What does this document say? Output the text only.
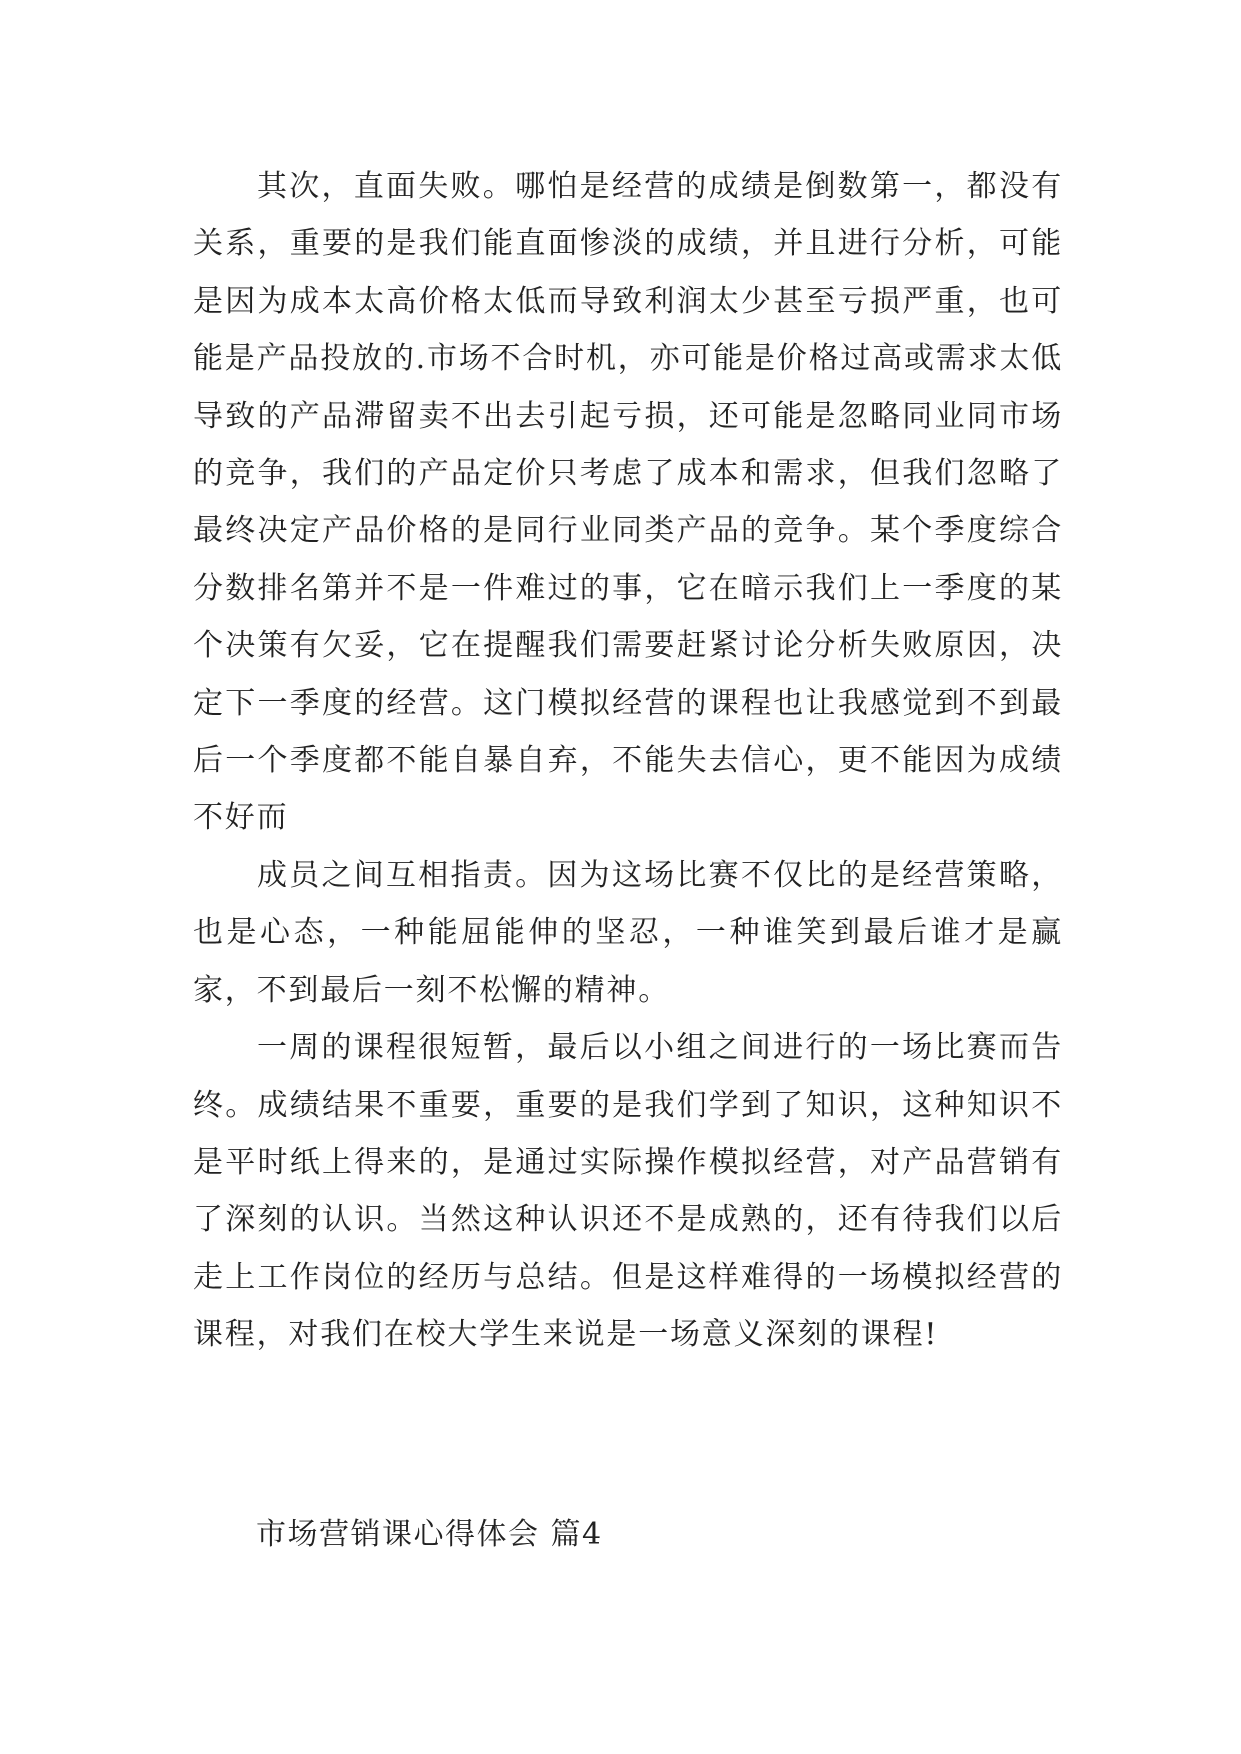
其次，直面失败。哪怕是经营的成绩是倒数第一，都没有关系，重要的是我们能直面惨淡的成绩，并且进行分析，可能是因为成本太高价格太低而导致利润太少甚至亏损严重，也可能是产品投放的.市场不合时机，亦可能是价格过高或需求太低导致的产品滞留卖不出去引起亏损，还可能是忽略同业同市场的竞争，我们的产品定价只考虑了成本和需求，但我们忽略了最终决定产品价格的是同行业同类产品的竞争。某个季度综合分数排名第并不是一件难过的事，它在暗示我们上一季度的某个决策有欠妥，它在提醒我们需要赶紧讨论分析失败原因，决定下一季度的经营。这门模拟经营的课程也让我感觉到不到最后一个季度都不能自暴自弃，不能失去信心，更不能因为成绩不好而

成员之间互相指责。因为这场比赛不仅比的是经营策略，也是心态，一种能屈能伸的坚忍，一种谁笑到最后谁才是赢家，不到最后一刻不松懈的精神。

一周的课程很短暂，最后以小组之间进行的一场比赛而告终。成绩结果不重要，重要的是我们学到了知识，这种知识不是平时纸上得来的，是通过实际操作模拟经营，对产品营销有了深刻的认识。当然这种认识还不是成熟的，还有待我们以后走上工作岗位的经历与总结。但是这样难得的一场模拟经营的课程，对我们在校大学生来说是一场意义深刻的课程!

市场营销课心得体会 篇4
